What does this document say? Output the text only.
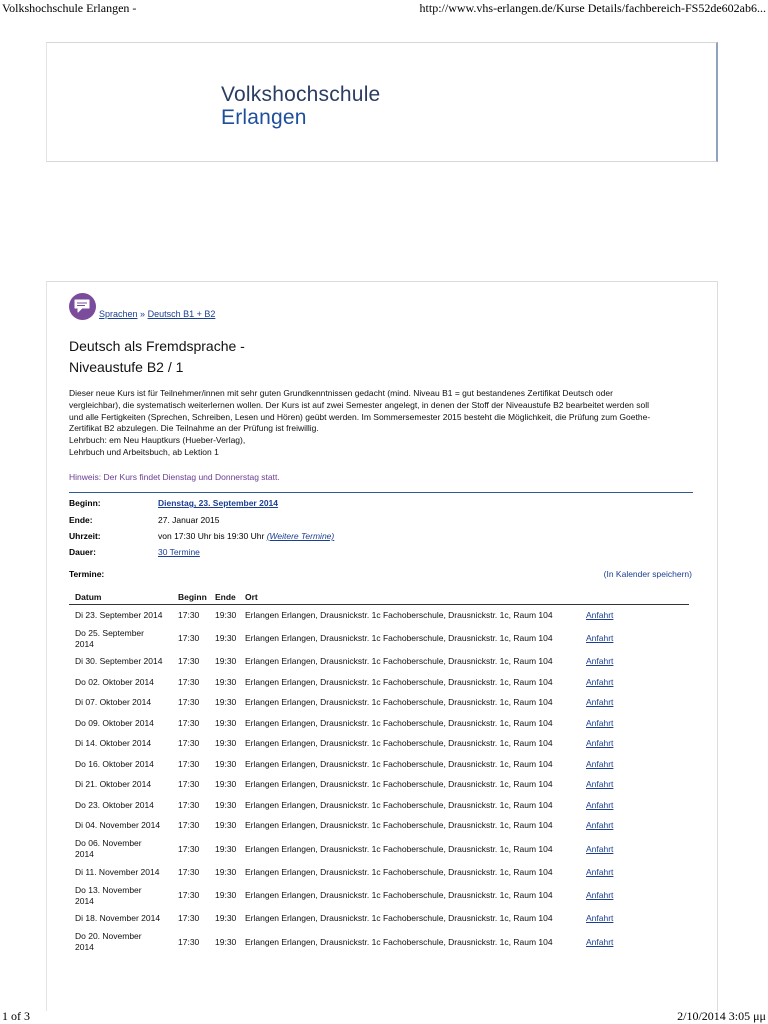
Volkshochschule Erlangen -	http://www.vhs-erlangen.de/Kurse Details/fachbereich-FS52de602ab6...
Volkshochschule
Erlangen
Sprachen » Deutsch B1 + B2
Deutsch als Fremdsprache -
Niveaustufe B2 / 1
Dieser neue Kurs ist für Teilnehmer/innen mit sehr guten Grundkenntnissen gedacht (mind. Niveau B1 = gut bestandenes Zertifikat Deutsch oder
vergleichbar), die systematisch weiterlernen wollen. Der Kurs ist auf zwei Semester angelegt, in denen der Stoff der Niveaustufe B2 bearbeitet werden soll
und alle Fertigkeiten (Sprechen, Schreiben, Lesen und Hören) geübt werden. Im Sommersemester 2015 besteht die Möglichkeit, die Prüfung zum Goethe-
Zertifikat B2 abzulegen. Die Teilnahme an der Prüfung ist freiwillig.
Lehrbuch: em Neu Hauptkurs (Hueber-Verlag),
Lehrbuch und Arbeitsbuch, ab Lektion 1
Hinweis: Der Kurs findet Dienstag und Donnerstag statt.
Beginn:	Dienstag, 23. September 2014
Ende:	27. Januar 2015
Uhrzeit:	von 17:30 Uhr bis 19:30 Uhr (Weitere Termine)
Dauer:	30 Termine
Termine:	(In Kalender speichern)
Datum	Beginn	Ende	Ort	
Di 23. September 2014	17:30	19:30	Erlangen Erlangen, Drausnickstr. 1c Fachoberschule, Drausnickstr. 1c, Raum 104	Anfahrt
Do 25. September 2014	17:30	19:30	Erlangen Erlangen, Drausnickstr. 1c Fachoberschule, Drausnickstr. 1c, Raum 104	Anfahrt
Di 30. September 2014	17:30	19:30	Erlangen Erlangen, Drausnickstr. 1c Fachoberschule, Drausnickstr. 1c, Raum 104	Anfahrt
Do 02. Oktober 2014	17:30	19:30	Erlangen Erlangen, Drausnickstr. 1c Fachoberschule, Drausnickstr. 1c, Raum 104	Anfahrt
Di 07. Oktober 2014	17:30	19:30	Erlangen Erlangen, Drausnickstr. 1c Fachoberschule, Drausnickstr. 1c, Raum 104	Anfahrt
Do 09. Oktober 2014	17:30	19:30	Erlangen Erlangen, Drausnickstr. 1c Fachoberschule, Drausnickstr. 1c, Raum 104	Anfahrt
Di 14. Oktober 2014	17:30	19:30	Erlangen Erlangen, Drausnickstr. 1c Fachoberschule, Drausnickstr. 1c, Raum 104	Anfahrt
Do 16. Oktober 2014	17:30	19:30	Erlangen Erlangen, Drausnickstr. 1c Fachoberschule, Drausnickstr. 1c, Raum 104	Anfahrt
Di 21. Oktober 2014	17:30	19:30	Erlangen Erlangen, Drausnickstr. 1c Fachoberschule, Drausnickstr. 1c, Raum 104	Anfahrt
Do 23. Oktober 2014	17:30	19:30	Erlangen Erlangen, Drausnickstr. 1c Fachoberschule, Drausnickstr. 1c, Raum 104	Anfahrt
Di 04. November 2014	17:30	19:30	Erlangen Erlangen, Drausnickstr. 1c Fachoberschule, Drausnickstr. 1c, Raum 104	Anfahrt
Do 06. November 2014	17:30	19:30	Erlangen Erlangen, Drausnickstr. 1c Fachoberschule, Drausnickstr. 1c, Raum 104	Anfahrt
Di 11. November 2014	17:30	19:30	Erlangen Erlangen, Drausnickstr. 1c Fachoberschule, Drausnickstr. 1c, Raum 104	Anfahrt
Do 13. November 2014	17:30	19:30	Erlangen Erlangen, Drausnickstr. 1c Fachoberschule, Drausnickstr. 1c, Raum 104	Anfahrt
Di 18. November 2014	17:30	19:30	Erlangen Erlangen, Drausnickstr. 1c Fachoberschule, Drausnickstr. 1c, Raum 104	Anfahrt
Do 20. November 2014	17:30	19:30	Erlangen Erlangen, Drausnickstr. 1c Fachoberschule, Drausnickstr. 1c, Raum 104	Anfahrt
1 of 3	2/10/2014 3:05 μμ
